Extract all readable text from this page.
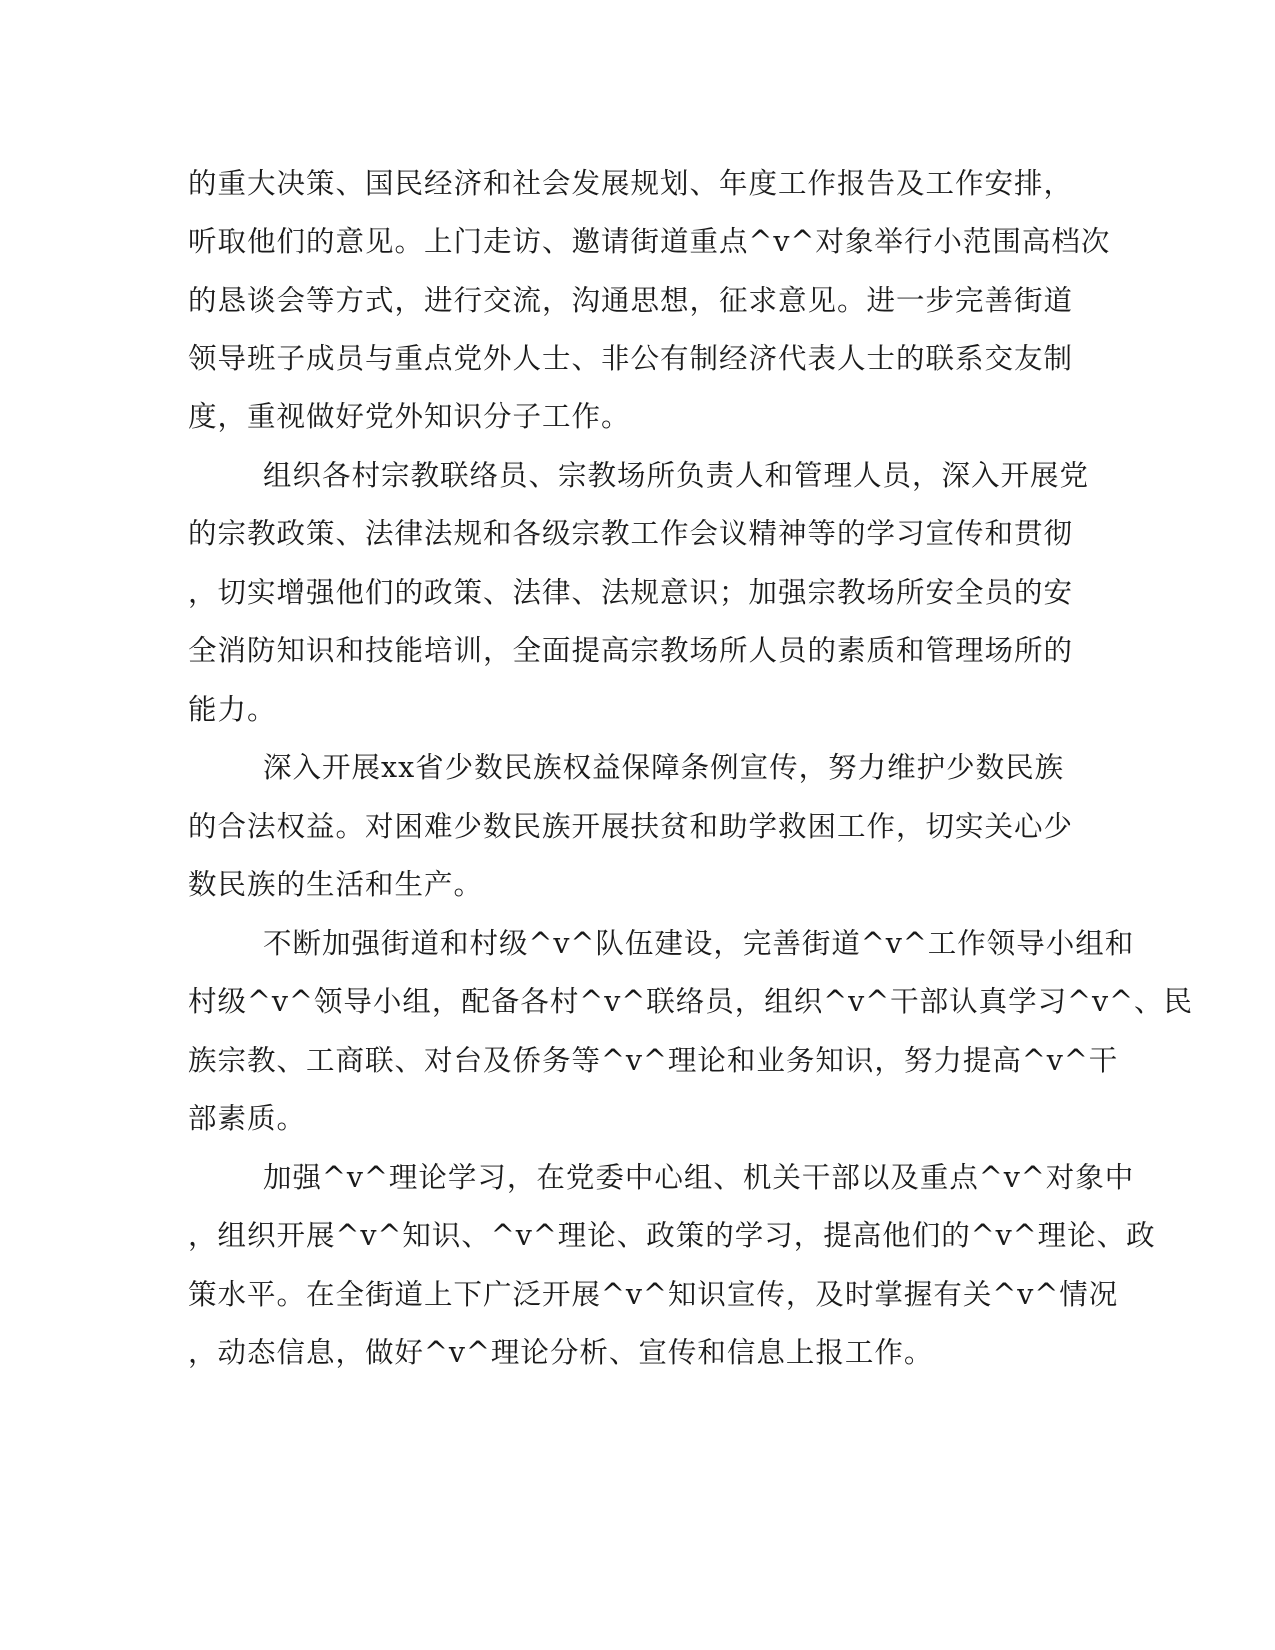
的重大决策、国民经济和社会发展规划、年度工作报告及工作安排，
听取他们的意见。上门走访、邀请街道重点^v^对象举行小范围高档次
的恳谈会等方式，进行交流，沟通思想，征求意见。进一步完善街道
领导班子成员与重点党外人士、非公有制经济代表人士的联系交友制
度，重视做好党外知识分子工作。
组织各村宗教联络员、宗教场所负责人和管理人员，深入开展党
的宗教政策、法律法规和各级宗教工作会议精神等的学习宣传和贯彻
，切实增强他们的政策、法律、法规意识；加强宗教场所安全员的安
全消防知识和技能培训，全面提高宗教场所人员的素质和管理场所的
能力。
深入开展xx省少数民族权益保障条例宣传，努力维护少数民族
的合法权益。对困难少数民族开展扶贫和助学救困工作，切实关心少
数民族的生活和生产。
不断加强街道和村级^v^队伍建设，完善街道^v^工作领导小组和
村级^v^领导小组，配备各村^v^联络员，组织^v^干部认真学习^v^、民
族宗教、工商联、对台及侨务等^v^理论和业务知识，努力提高^v^干
部素质。
加强^v^理论学习，在党委中心组、机关干部以及重点^v^对象中
，组织开展^v^知识、^v^理论、政策的学习，提高他们的^v^理论、政
策水平。在全街道上下广泛开展^v^知识宣传，及时掌握有关^v^情况
，动态信息，做好^v^理论分析、宣传和信息上报工作。
